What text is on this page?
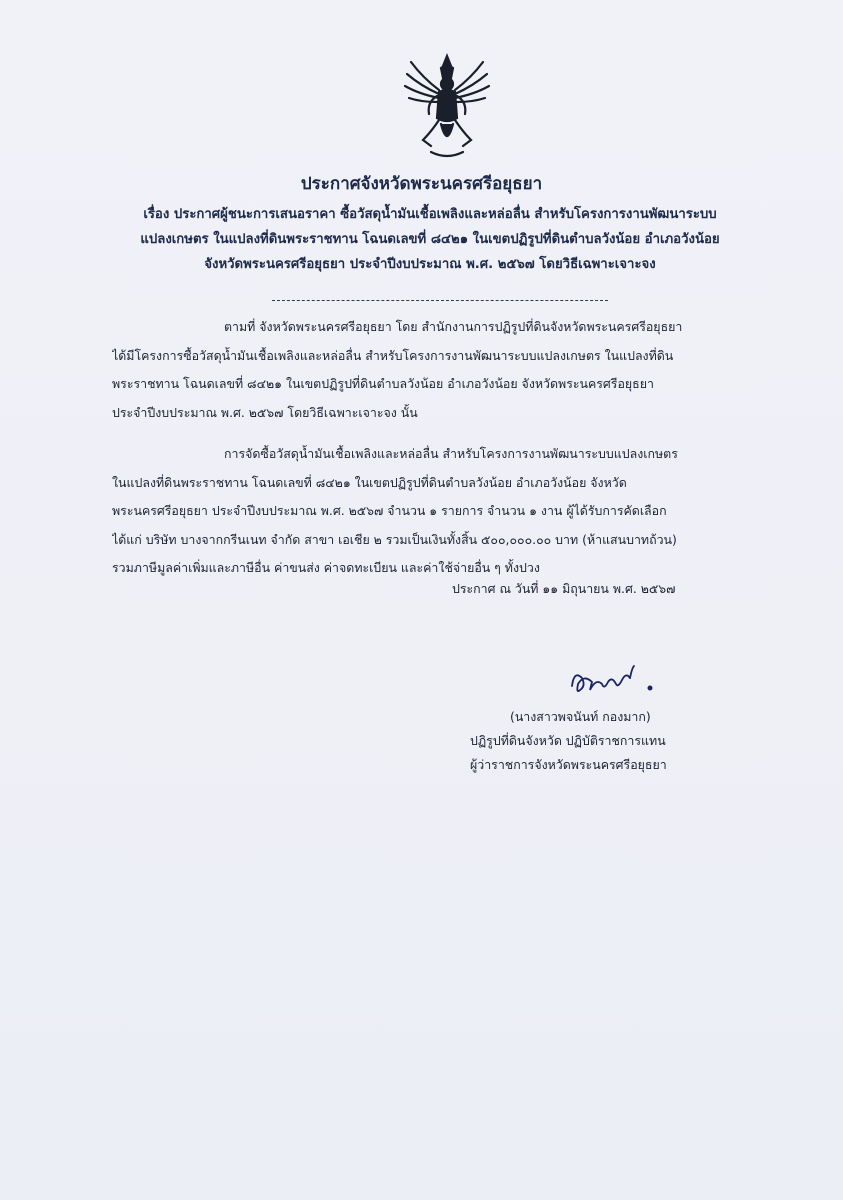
ประกาศจังหวัดพระนครศรีอยุธยา
เรื่อง ประกาศผู้ชนะการเสนอราคา ซื้อวัสดุน้ำมันเชื้อเพลิงและหล่อลื่น สำหรับโครงการงานพัฒนาระบบ
แปลงเกษตร ในแปลงที่ดินพระราชทาน โฉนดเลขที่ ๘๔๒๑ ในเขตปฏิรูปที่ดินตำบลวังน้อย อำเภอวังน้อย
จังหวัดพระนครศรีอยุธยา ประจำปีงบประมาณ พ.ศ. ๒๕๖๗ โดยวิธีเฉพาะเจาะจง
ตามที่ จังหวัดพระนครศรีอยุธยา โดย สำนักงานการปฏิรูปที่ดินจังหวัดพระนครศรีอยุธยา
ได้มีโครงการซื้อวัสดุน้ำมันเชื้อเพลิงและหล่อลื่น สำหรับโครงการงานพัฒนาระบบแปลงเกษตร ในแปลงที่ดิน
พระราชทาน โฉนดเลขที่ ๘๔๒๑ ในเขตปฏิรูปที่ดินตำบลวังน้อย อำเภอวังน้อย จังหวัดพระนครศรีอยุธยา
ประจำปีงบประมาณ พ.ศ. ๒๕๖๗ โดยวิธีเฉพาะเจาะจง นั้น
การจัดซื้อวัสดุน้ำมันเชื้อเพลิงและหล่อลื่น สำหรับโครงการงานพัฒนาระบบแปลงเกษตร
ในแปลงที่ดินพระราชทาน โฉนดเลขที่ ๘๔๒๑ ในเขตปฏิรูปที่ดินตำบลวังน้อย อำเภอวังน้อย จังหวัด
พระนครศรีอยุธยา ประจำปีงบประมาณ พ.ศ. ๒๕๖๗ จำนวน ๑ รายการ จำนวน ๑ งาน ผู้ได้รับการคัดเลือก
ได้แก่ บริษัท บางจากกรีนเนท จำกัด สาขา เอเชีย ๒ รวมเป็นเงินทั้งสิ้น ๕๐๐,๐๐๐.๐๐ บาท (ห้าแสนบาทถ้วน)
รวมภาษีมูลค่าเพิ่มและภาษีอื่น ค่าขนส่ง ค่าจดทะเบียน และค่าใช้จ่ายอื่น ๆ ทั้งปวง
ประกาศ ณ วันที่ ๑๑ มิถุนายน พ.ศ. ๒๕๖๗
(นางสาวพจนันท์ กองมาก)
ปฏิรูปที่ดินจังหวัด ปฏิบัติราชการแทน
ผู้ว่าราชการจังหวัดพระนครศรีอยุธยา
